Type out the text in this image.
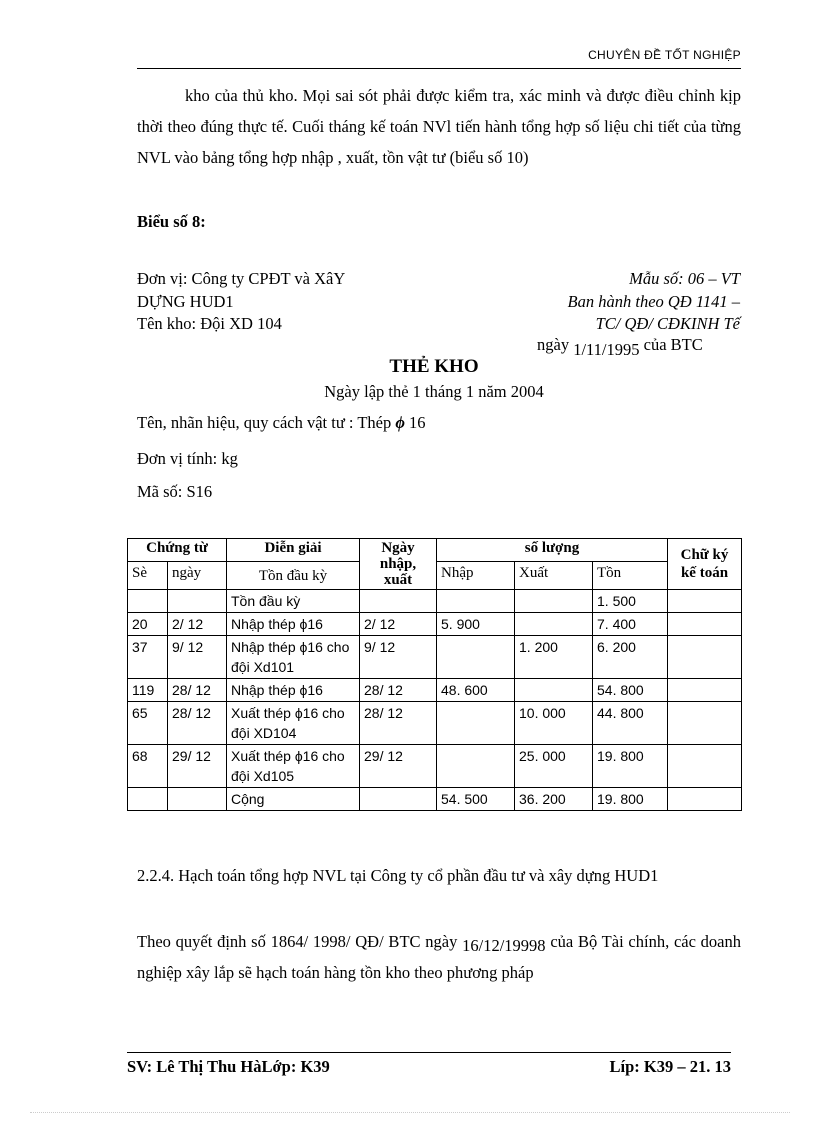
CHUYÊN ĐỀ TỐT NGHIỆP
kho của thủ kho. Mọi sai sót phải được kiểm tra, xác minh và được điều chỉnh kịp thời theo đúng thực tế. Cuối tháng kế toán NVl tiến hành tổng hợp số liệu chi tiết của từng NVL vào bảng tổng hợp nhập , xuất, tồn vật tư (biểu số 10)
Biểu số 8:
Đơn vị: Công ty CPĐT và XâY
DỰNG HUD1
Tên kho: Đội XD 104
Mẫu số: 06 – VT
Ban hành theo QĐ 1141 –
TC/ QĐ/ CĐKINH Tế
ngày 1/11/1995 của BTC
THẺ KHO
Ngày lập thẻ 1 tháng 1 năm 2004
Tên, nhãn hiệu, quy cách vật tư : Thép ϕ 16
Đơn vị tính: kg
Mã số: S16
Chứng từ		Diễn giải	Ngày nhập, xuất	số lượng			Chữ ký kế toán
Sè	ngày	Tồn đầu kỳ		Nhập	Xuất	Tồn	
		Tồn đầu kỳ				1. 500	
20	2/ 12	Nhập thép ϕ16	2/ 12	5. 900		7. 400	
37	9/ 12	Nhập thép ϕ16 cho đội Xd101	9/ 12		1. 200	6. 200	
119	28/ 12	Nhập thép ϕ16	28/ 12	48. 600		54. 800	
65	28/ 12	Xuất thép ϕ16 cho đội XD104	28/ 12		10. 000	44. 800	
68	29/ 12	Xuất thép ϕ16 cho đội Xd105	29/ 12		25. 000	19. 800	
		Cộng		54. 500	36. 200	19. 800	
2.2.4. Hạch toán tổng hợp NVL tại Công ty cổ phần đầu tư và xây dựng HUD1
Theo quyết định số 1864/ 1998/ QĐ/ BTC ngày 16/12/19998 của Bộ Tài chính, các doanh nghiệp xây lắp sẽ hạch toán hàng tồn kho theo phương pháp
SV: Lê Thị Thu HàLớp: K39	Líp: K39 – 21. 13
